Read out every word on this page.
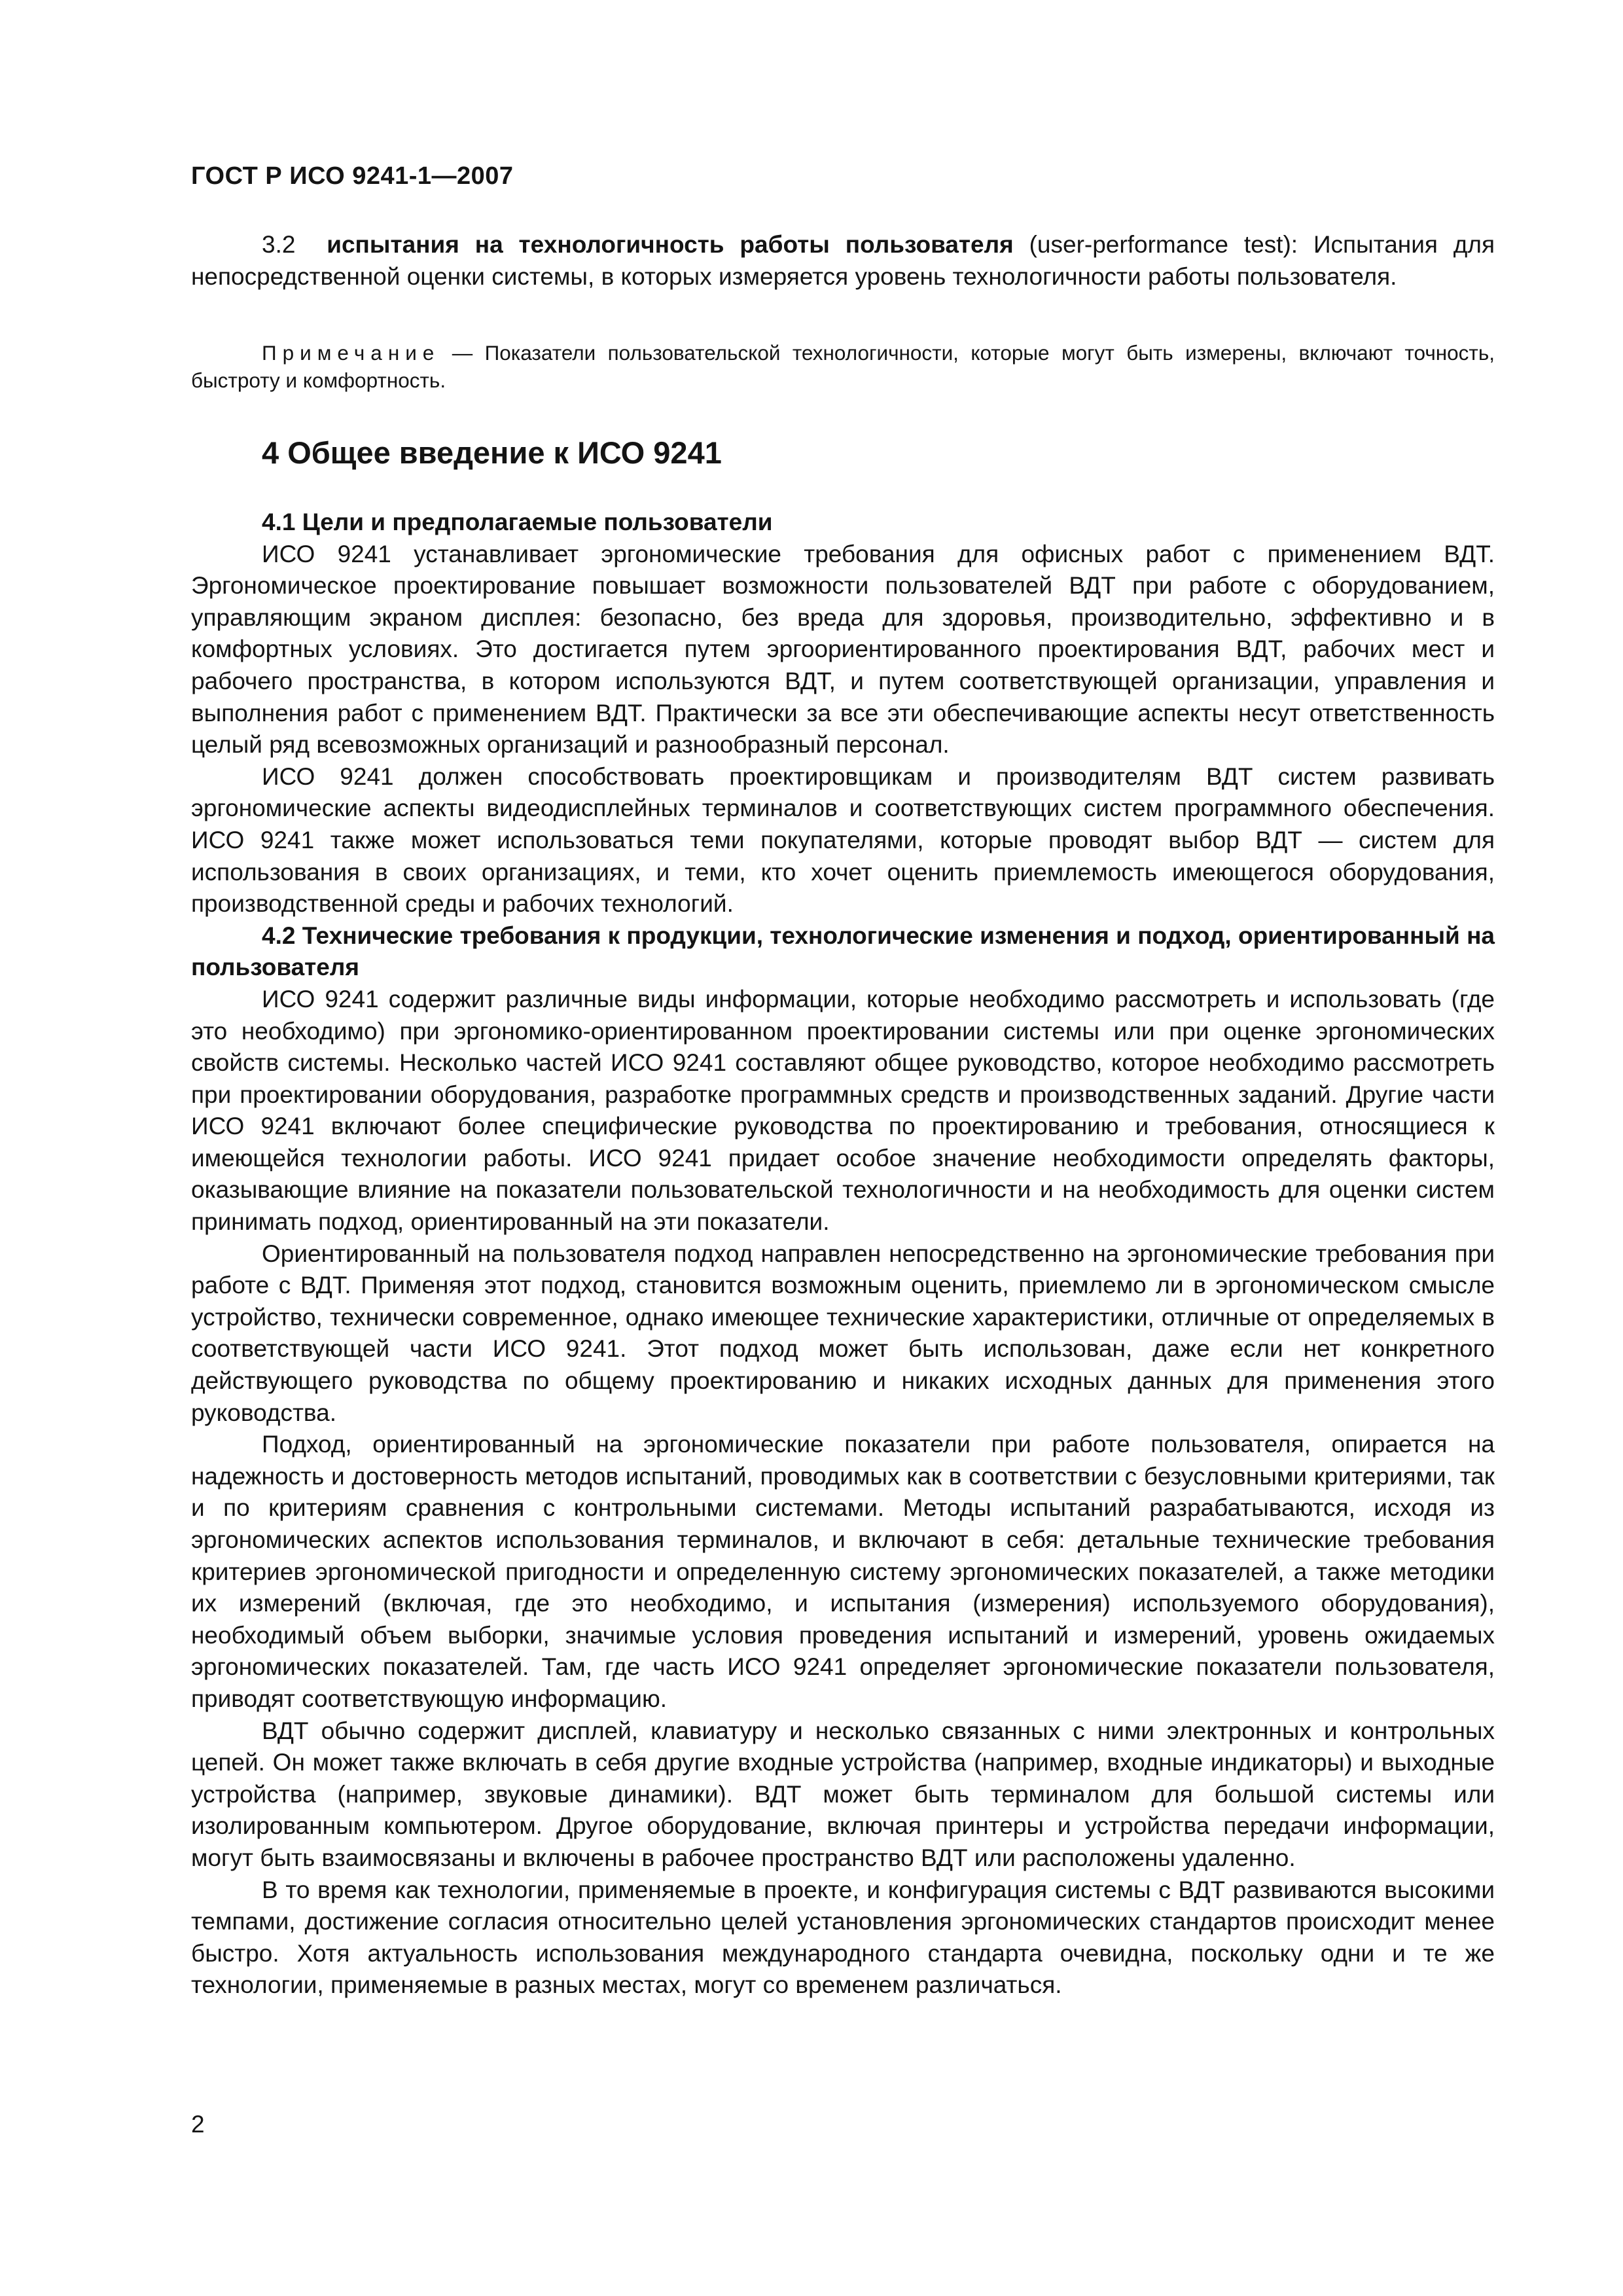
ГОСТ Р ИСО 9241-1—2007

3.2 испытания на технологичность работы пользователя (user-performance test): Испытания для непосредственной оценки системы, в которых измеряется уровень технологичности работы пользователя.

Примечание — Показатели пользовательской технологичности, которые могут быть измерены, включают точность, быстроту и комфортность.

4 Общее введение к ИСО 9241

4.1 Цели и предполагаемые пользователи

ИСО 9241 устанавливает эргономические требования для офисных работ с применением ВДТ. Эргономическое проектирование повышает возможности пользователей ВДТ при работе с оборудованием, управляющим экраном дисплея: безопасно, без вреда для здоровья, производительно, эффективно и в комфортных условиях. Это достигается путем эргоориентированного проектирования ВДТ, рабочих мест и рабочего пространства, в котором используются ВДТ, и путем соответствующей организации, управления и выполнения работ с применением ВДТ. Практически за все эти обеспечивающие аспекты несут ответственность целый ряд всевозможных организаций и разнообразный персонал.

ИСО 9241 должен способствовать проектировщикам и производителям ВДТ систем развивать эргономические аспекты видеодисплейных терминалов и соответствующих систем программного обеспечения. ИСО 9241 также может использоваться теми покупателями, которые проводят выбор ВДТ — систем для использования в своих организациях, и теми, кто хочет оценить приемлемость имеющегося оборудования, производственной среды и рабочих технологий.

4.2 Технические требования к продукции, технологические изменения и подход, ориентированный на пользователя

ИСО 9241 содержит различные виды информации, которые необходимо рассмотреть и использовать (где это необходимо) при эргономико-ориентированном проектировании системы или при оценке эргономических свойств системы. Несколько частей ИСО 9241 составляют общее руководство, которое необходимо рассмотреть при проектировании оборудования, разработке программных средств и производственных заданий. Другие части ИСО 9241 включают более специфические руководства по проектированию и требования, относящиеся к имеющейся технологии работы. ИСО 9241 придает особое значение необходимости определять факторы, оказывающие влияние на показатели пользовательской технологичности и на необходимость для оценки систем принимать подход, ориентированный на эти показатели.

Ориентированный на пользователя подход направлен непосредственно на эргономические требования при работе с ВДТ. Применяя этот подход, становится возможным оценить, приемлемо ли в эргономическом смысле устройство, технически современное, однако имеющее технические характеристики, отличные от определяемых в соответствующей части ИСО 9241. Этот подход может быть использован, даже если нет конкретного действующего руководства по общему проектированию и никаких исходных данных для применения этого руководства.

Подход, ориентированный на эргономические показатели при работе пользователя, опирается на надежность и достоверность методов испытаний, проводимых как в соответствии с безусловными критериями, так и по критериям сравнения с контрольными системами. Методы испытаний разрабатываются, исходя из эргономических аспектов использования терминалов, и включают в себя: детальные технические требования критериев эргономической пригодности и определенную систему эргономических показателей, а также методики их измерений (включая, где это необходимо, и испытания (измерения) используемого оборудования), необходимый объем выборки, значимые условия проведения испытаний и измерений, уровень ожидаемых эргономических показателей. Там, где часть ИСО 9241 определяет эргономические показатели пользователя, приводят соответствующую информацию.

ВДТ обычно содержит дисплей, клавиатуру и несколько связанных с ними электронных и контрольных цепей. Он может также включать в себя другие входные устройства (например, входные индикаторы) и выходные устройства (например, звуковые динамики). ВДТ может быть терминалом для большой системы или изолированным компьютером. Другое оборудование, включая принтеры и устройства передачи информации, могут быть взаимосвязаны и включены в рабочее пространство ВДТ или расположены удаленно.

В то время как технологии, применяемые в проекте, и конфигурация системы с ВДТ развиваются высокими темпами, достижение согласия относительно целей установления эргономических стандартов происходит менее быстро. Хотя актуальность использования международного стандарта очевидна, поскольку одни и те же технологии, применяемые в разных местах, могут со временем различаться.

2
